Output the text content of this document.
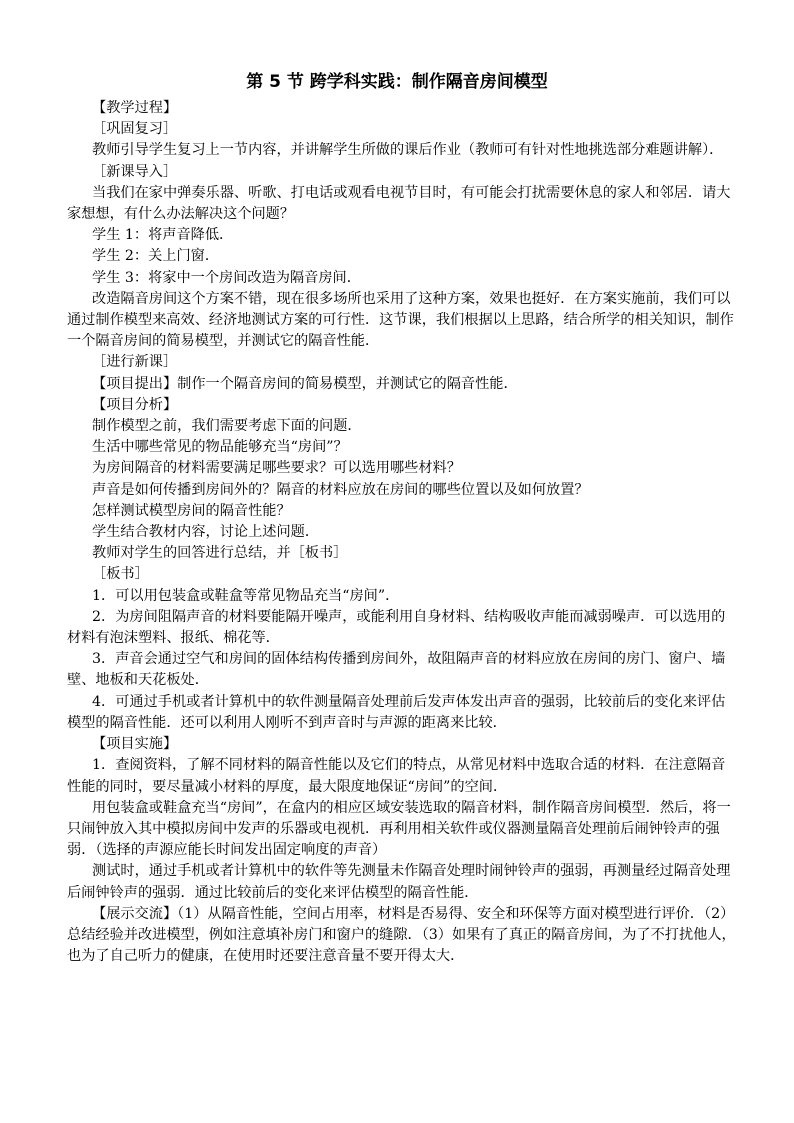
第 5 节 跨学科实践：制作隔音房间模型

【教学过程】

［巩固复习］

教师引导学生复习上一节内容，并讲解学生所做的课后作业（教师可有针对性地挑选部分难题讲解）．

［新课导入］

当我们在家中弹奏乐器、听歌、打电话或观看电视节目时，有可能会打扰需要休息的家人和邻居．请大家想想，有什么办法解决这个问题？

学生 1：将声音降低．

学生 2：关上门窗．

学生 3：将家中一个房间改造为隔音房间．

改造隔音房间这个方案不错，现在很多场所也采用了这种方案，效果也挺好．在方案实施前，我们可以通过制作模型来高效、经济地测试方案的可行性．这节课，我们根据以上思路，结合所学的相关知识，制作一个隔音房间的简易模型，并测试它的隔音性能．

［进行新课］

【项目提出】制作一个隔音房间的简易模型，并测试它的隔音性能．

【项目分析】

制作模型之前，我们需要考虑下面的问题．

生活中哪些常见的物品能够充当“房间”？

为房间隔音的材料需要满足哪些要求？可以选用哪些材料？

声音是如何传播到房间外的？隔音的材料应放在房间的哪些位置以及如何放置？

怎样测试模型房间的隔音性能？

学生结合教材内容，讨论上述问题．

教师对学生的回答进行总结，并［板书］

［板书］

1．可以用包装盒或鞋盒等常见物品充当“房间”．

2．为房间阻隔声音的材料要能隔开噪声，或能利用自身材料、结构吸收声能而减弱噪声．可以选用的材料有泡沫塑料、报纸、棉花等．

3．声音会通过空气和房间的固体结构传播到房间外，故阻隔声音的材料应放在房间的房门、窗户、墙壁、地板和天花板处．

4．可通过手机或者计算机中的软件测量隔音处理前后发声体发出声音的强弱，比较前后的变化来评估模型的隔音性能．还可以利用人刚听不到声音时与声源的距离来比较．

【项目实施】

1．查阅资料，了解不同材料的隔音性能以及它们的特点，从常见材料中选取合适的材料．在注意隔音性能的同时，要尽量减小材料的厚度，最大限度地保证“房间”的空间．

用包装盒或鞋盒充当“房间”，在盒内的相应区域安装选取的隔音材料，制作隔音房间模型．然后，将一只闹钟放入其中模拟房间中发声的乐器或电视机．再利用相关软件或仪器测量隔音处理前后闹钟铃声的强弱．（选择的声源应能长时间发出固定响度的声音）

测试时，通过手机或者计算机中的软件等先测量未作隔音处理时闹钟铃声的强弱，再测量经过隔音处理后闹钟铃声的强弱．通过比较前后的变化来评估模型的隔音性能．

【展示交流】（1）从隔音性能，空间占用率，材料是否易得、安全和环保等方面对模型进行评价．（2）总结经验并改进模型，例如注意填补房门和窗户的缝隙．（3）如果有了真正的隔音房间，为了不打扰他人，也为了自己听力的健康，在使用时还要注意音量不要开得太大．
